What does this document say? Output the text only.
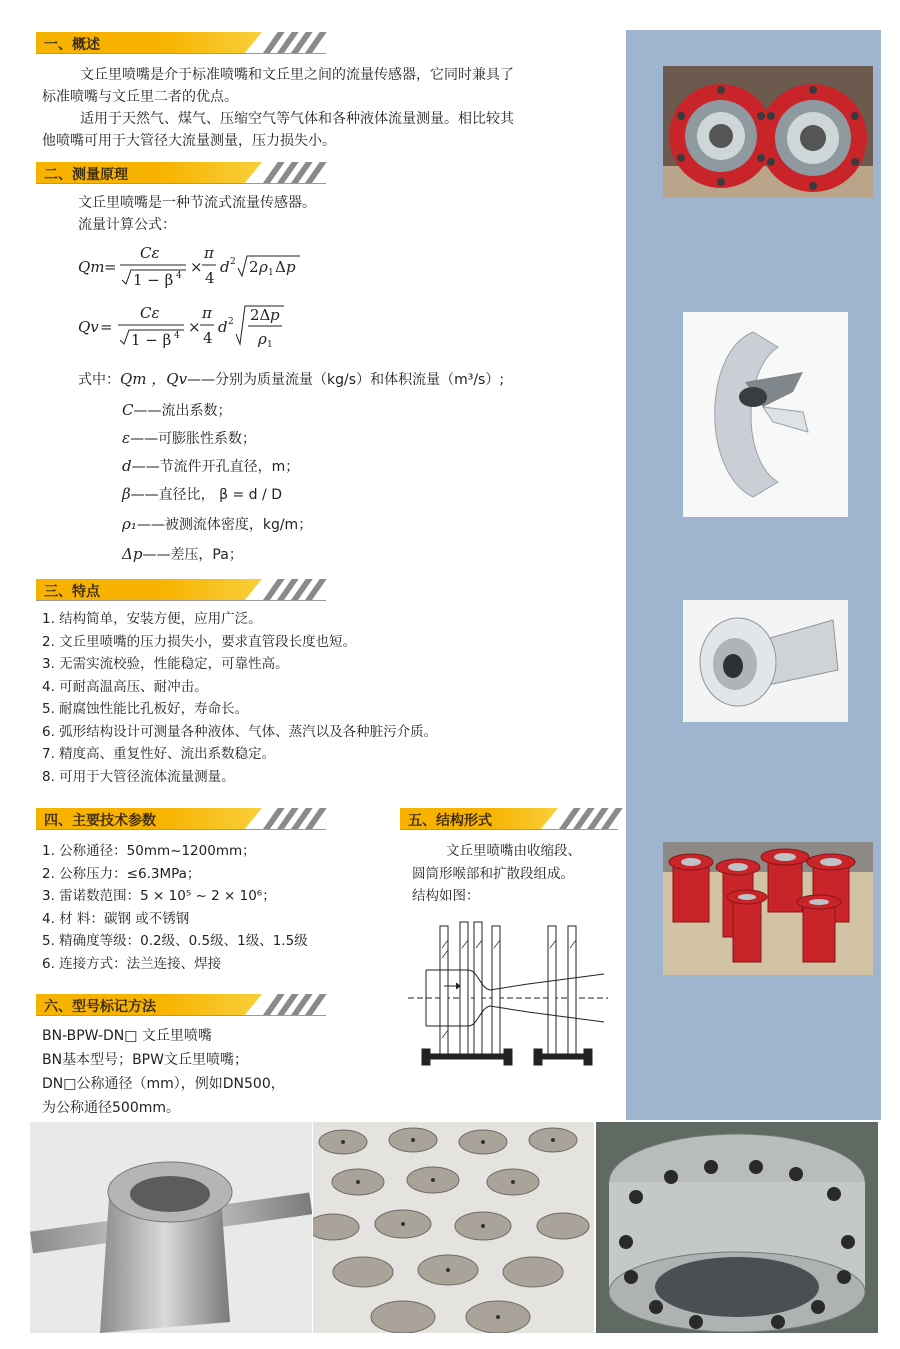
一、概述
文丘里喷嘴是介于标准喷嘴和文丘里之间的流量传感器，它同时兼具了
标准喷嘴与文丘里二者的优点。
适用于天然气、煤气、压缩空气等气体和各种液体流量测量。相比较其
他喷嘴可用于大管径大流量测量，压力损失小。
二、测量原理
文丘里喷嘴是一种节流式流量传感器。
流量计算公式：
Qm =
Cε
1 − β 4 ×
π
4
d 2 2 ρ 1 Δ p
Qv =
Cε
1 − β 4 ×
π
4
d 2 2Δ p
ρ 1
式中：Qm ，Qv——分别为质量流量（kg/s）和体积流量（m³/s）;
C——流出系数；
ε——可膨胀性系数；
d——节流件开孔直径，m；
β——直径比， β = d / D
ρ₁——被测流体密度，kg/m；
Δp——差压，Pa；
三、特点
1. 结构简单，安装方便，应用广泛。
2. 文丘里喷嘴的压力损失小，要求直管段长度也短。
3. 无需实流校验，性能稳定，可靠性高。
4. 可耐高温高压、耐冲击。
5. 耐腐蚀性能比孔板好，寿命长。
6. 弧形结构设计可测量各种液体、气体、蒸汽以及各种脏污介质。
7. 精度高、重复性好、流出系数稳定。
8. 可用于大管径流体流量测量。
四、主要技术参数
1. 公称通径：50mm~1200mm；
2. 公称压力：≤6.3MPa；
3. 雷诺数范围：5 × 10⁵ ~ 2 × 10⁶；
4. 材 料：碳钢 或不锈钢
5. 精确度等级：0.2级、0.5级、1级、1.5级
6. 连接方式：法兰连接、焊接
五、结构形式
文丘里喷嘴由收缩段、
圆筒形喉部和扩散段组成。
结构如图：
六、型号标记方法
BN-BPW-DN□ 文丘里喷嘴
BN基本型号；BPW文丘里喷嘴；
DN□公称通径（mm），例如DN500，
为公称通径500mm。
